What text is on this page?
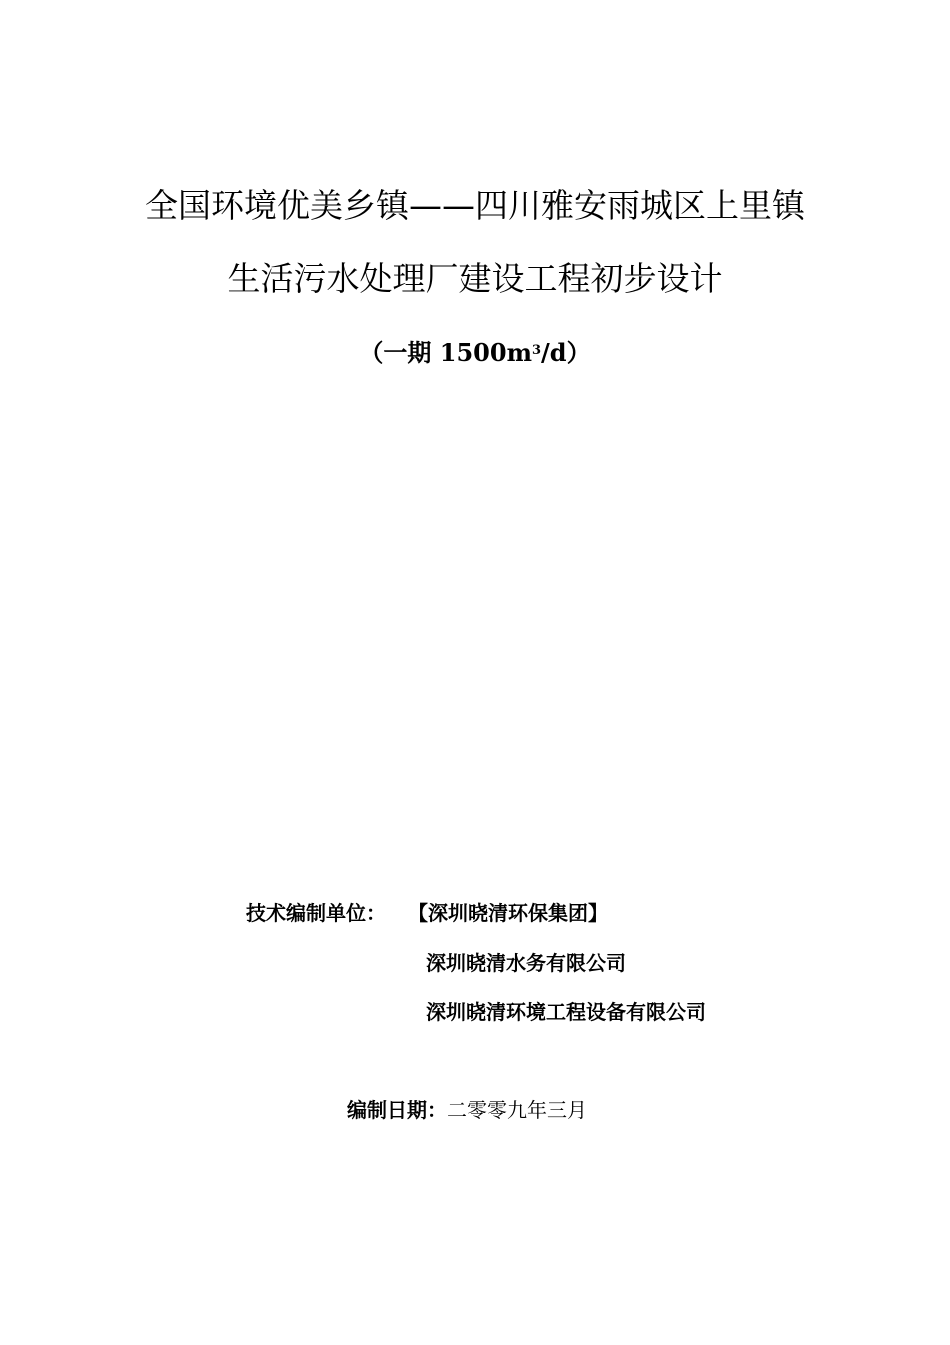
全国环境优美乡镇——四川雅安雨城区上里镇
生活污水处理厂建设工程初步设计
（一期 $1500m^3/d$）
技术编制单位： 【深圳晓清环保集团】
深圳晓清水务有限公司
深圳晓清环境工程设备有限公司
编制日期：二零零九年三月
